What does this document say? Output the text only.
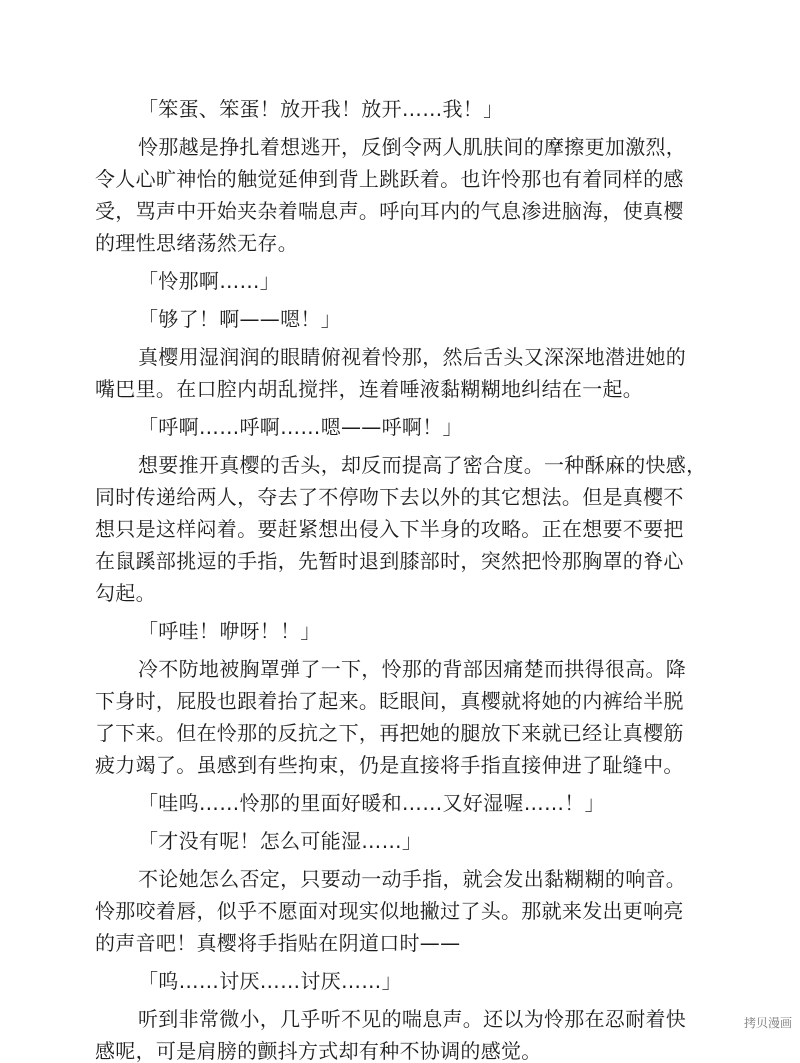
「笨蛋、笨蛋！放开我！放开……我！」
怜那越是挣扎着想逃开，反倒令两人肌肤间的摩擦更加激烈，
令人心旷神怡的触觉延伸到背上跳跃着。也许怜那也有着同样的感
受，骂声中开始夹杂着喘息声。呼向耳内的气息渗进脑海，使真樱
的理性思绪荡然无存。
「怜那啊……」
「够了！啊——嗯！」
真樱用湿润润的眼睛俯视着怜那，然后舌头又深深地潜进她的
嘴巴里。在口腔内胡乱搅拌，连着唾液黏糊糊地纠结在一起。
「呼啊……呼啊……嗯——呼啊！」
想要推开真樱的舌头，却反而提高了密合度。一种酥麻的快感，
同时传递给两人，夺去了不停吻下去以外的其它想法。但是真樱不
想只是这样闷着。要赶紧想出侵入下半身的攻略。正在想要不要把
在鼠蹊部挑逗的手指，先暂时退到膝部时，突然把怜那胸罩的脊心
勾起。
「呼哇！咿呀！！」
冷不防地被胸罩弹了一下，怜那的背部因痛楚而拱得很高。降
下身时，屁股也跟着抬了起来。眨眼间，真樱就将她的内裤给半脱
了下来。但在怜那的反抗之下，再把她的腿放下来就已经让真樱筋
疲力竭了。虽感到有些拘束，仍是直接将手指直接伸进了耻缝中。
「哇呜……怜那的里面好暖和……又好湿喔……！」
「才没有呢！怎么可能湿……」
不论她怎么否定，只要动一动手指，就会发出黏糊糊的响音。
怜那咬着唇，似乎不愿面对现实似地撇过了头。那就来发出更响亮
的声音吧！真樱将手指贴在阴道口时——
「呜……讨厌……讨厌……」
听到非常微小，几乎听不见的喘息声。还以为怜那在忍耐着快
感呢，可是肩膀的颤抖方式却有种不协调的感觉。
拷贝漫画
